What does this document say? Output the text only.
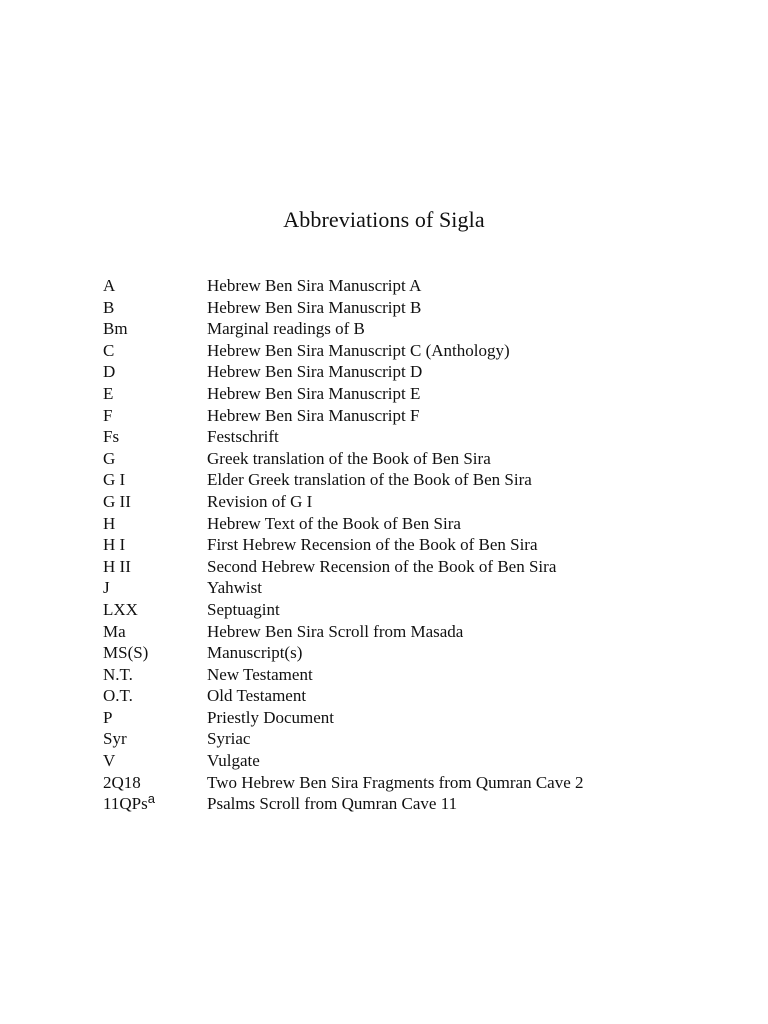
Abbreviations of Sigla
A	Hebrew Ben Sira Manuscript A
B	Hebrew Ben Sira Manuscript B
Bm	Marginal readings of B
C	Hebrew Ben Sira Manuscript C (Anthology)
D	Hebrew Ben Sira Manuscript D
E	Hebrew Ben Sira Manuscript E
F	Hebrew Ben Sira Manuscript F
Fs	Festschrift
G	Greek translation of the Book of Ben Sira
G I	Elder Greek translation of the Book of Ben Sira
G II	Revision of G I
H	Hebrew Text of the Book of Ben Sira
H I	First Hebrew Recension of the Book of Ben Sira
H II	Second Hebrew Recension of the Book of Ben Sira
J	Yahwist
LXX	Septuagint
Ma	Hebrew Ben Sira Scroll from Masada
MS(S)	Manuscript(s)
N.T.	New Testament
O.T.	Old Testament
P	Priestly Document
Syr	Syriac
V	Vulgate
2Q18	Two Hebrew Ben Sira Fragments from Qumran Cave 2
11QPs$^a$	Psalms Scroll from Qumran Cave 11
